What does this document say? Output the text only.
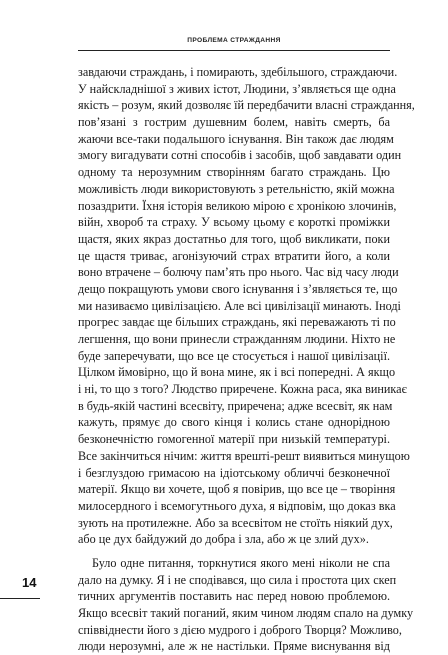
ПРОБЛЕМА СТРАЖДАННЯ
завдаючи страждань, і помирають, здебільшого, страждаючи.
У найскладнішої з живих істот, Людини, з’являється ще одна
якість – розум, який дозволяє їй передбачити власні страждання,
пов’язані з гострим душевним болем, навіть смерть, ба
жаючи все-таки подальшого існування. Він також дає людям
змогу вигадувати сотні способів і засобів, щоб завдавати один
одному та нерозумним створінням багато страждань. Цю
можливість люди використовують з ретельністю, якій можна
позаздрити. Їхня історія великою мірою є хронікою злочинів,
війн, хвороб та страху. У всьому цьому є короткі проміжки
щастя, яких якраз достатньо для того, щоб викликати, поки
це щастя триває, агонізуючий страх втратити його, а коли
воно втрачене – болючу пам’ять про нього. Час від часу люди
дещо покращують умови свого існування і з’являється те, що
ми називаємо цивілізацією. Але всі цивілізації минають. Іноді
прогрес завдає ще більших страждань, які переважають ті по
легшення, що вони принесли стражданням людини. Ніхто не
буде заперечувати, що все це стосується і нашої цивілізації.
Цілком ймовірно, що й вона мине, як і всі попередні. А якщо
і ні, то що з того? Людство приречене. Кожна раса, яка виникає
в будь-якій частині всесвіту, приречена; адже всесвіт, як нам
кажуть, прямує до свого кінця і колись стане однорідною
безконечністю гомогенної матерії при низькій температурі.
Все закінчиться нічим: життя врешті-решт виявиться минущою
і безглуздою гримасою на ідіотському обличчі безконечної
матерії. Якщо ви хочете, щоб я повірив, що все це – творіння
милосердного і всемогутнього духа, я відповім, що доказ вка
зують на протилежне. Або за всесвітом не стоїть ніякий дух,
або це дух байдужий до добра і зла, або ж це злий дух».
Було одне питання, торкнутися якого мені ніколи не спа
дало на думку. Я і не сподівався, що сила і простота цих скеп
тичних аргументів поставить нас перед новою проблемою.
Якщо всесвіт такий поганий, яким чином людям спало на думку
співвіднести його з дією мудрого і доброго Творця? Можливо,
люди нерозумні, але ж не настільки. Пряме виснування від
14
